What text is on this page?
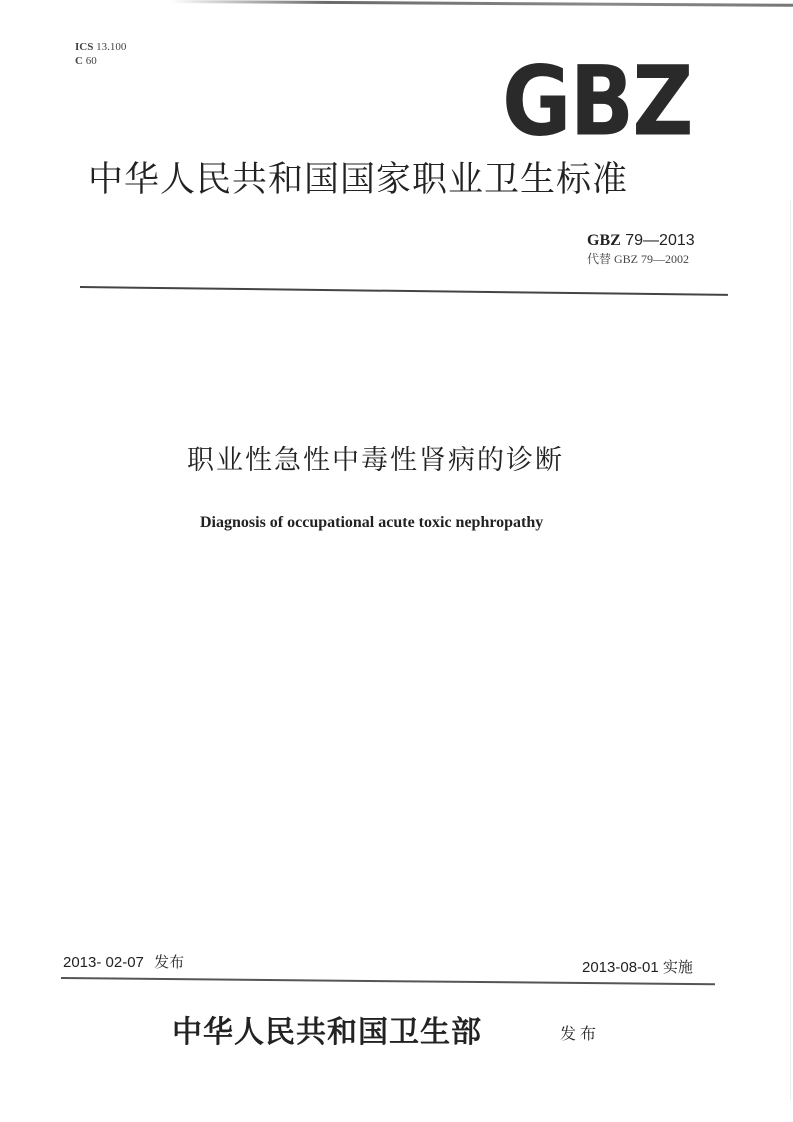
ICS 13.100
C 60	GBZ
中华人民共和国国家职业卫生标准
GBZ 79—2013
代替 GBZ 79—2002
职业性急性中毒性肾病的诊断
Diagnosis of occupational acute toxic nephropathy
2013- 02-07 发布	2013-08-01 实施
中华人民共和国卫生部	发布
